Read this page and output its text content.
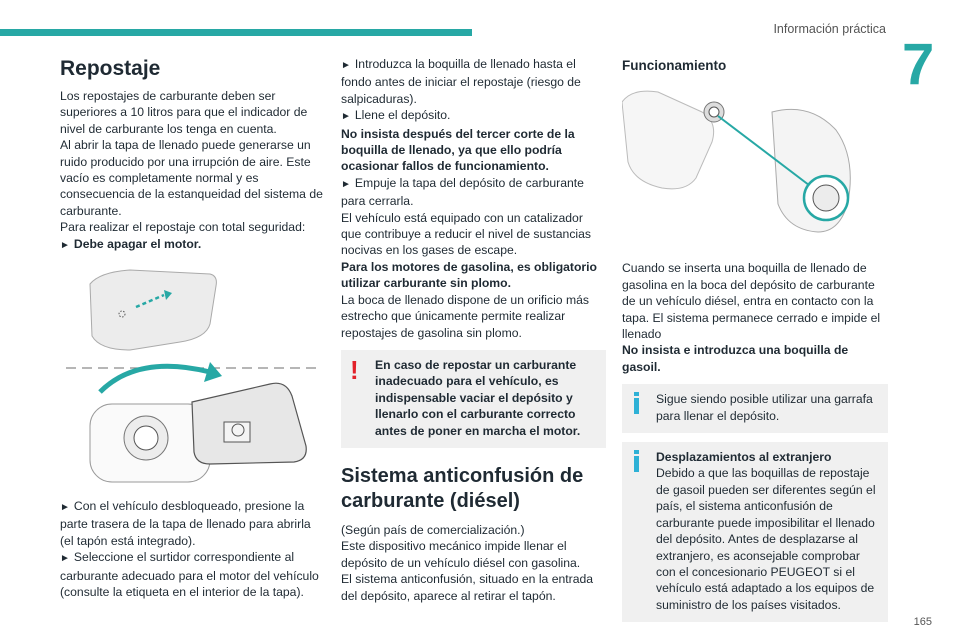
Información práctica
7
165
Repostaje
Los repostajes de carburante deben ser superiores a 10 litros para que el indicador de nivel de carburante los tenga en cuenta.
Al abrir la tapa de llenado puede generarse un ruido producido por una irrupción de aire. Este vacío es completamente normal y es consecuencia de la estanqueidad del sistema de carburante.
Para realizar el repostaje con total seguridad:
► Debe apagar el motor.
► Con el vehículo desbloqueado, presione la parte trasera de la tapa de llenado para abrirla (el tapón está integrado).
► Seleccione el surtidor correspondiente al carburante adecuado para el motor del vehículo (consulte la etiqueta en el interior de la tapa).
► Introduzca la boquilla de llenado hasta el fondo antes de iniciar el repostaje (riesgo de salpicaduras).
► Llene el depósito.
No insista después del tercer corte de la boquilla de llenado, ya que ello podría ocasionar fallos de funcionamiento.
► Empuje la tapa del depósito de carburante para cerrarla.
El vehículo está equipado con un catalizador que contribuye a reducir el nivel de sustancias nocivas en los gases de escape.
Para los motores de gasolina, es obligatorio utilizar carburante sin plomo.
La boca de llenado dispone de un orificio más estrecho que únicamente permite realizar repostajes de gasolina sin plomo.
! En caso de repostar un carburante inadecuado para el vehículo, es
indispensable vaciar el depósito y llenarlo con el carburante correcto antes de poner en marcha el motor.
Sistema anticonfusión de carburante (diésel)
(Según país de comercialización.)
Este dispositivo mecánico impide llenar el depósito de un vehículo diésel con gasolina.
El sistema anticonfusión, situado en la entrada del depósito, aparece al retirar el tapón.
Funcionamiento
Cuando se inserta una boquilla de llenado de gasolina en la boca del depósito de carburante de un vehículo diésel, entra en contacto con la tapa. El sistema permanece cerrado e impide el llenado
No insista e introduzca una boquilla de gasoil.
Sigue siendo posible utilizar una garrafa para llenar el depósito.
Desplazamientos al extranjero
Debido a que las boquillas de repostaje de gasoil pueden ser diferentes según el país, el sistema anticonfusión de carburante puede imposibilitar el llenado del depósito. Antes de desplazarse al extranjero, es aconsejable comprobar con el concesionario PEUGEOT si el vehículo está adaptado a los equipos de suministro de los países visitados.
